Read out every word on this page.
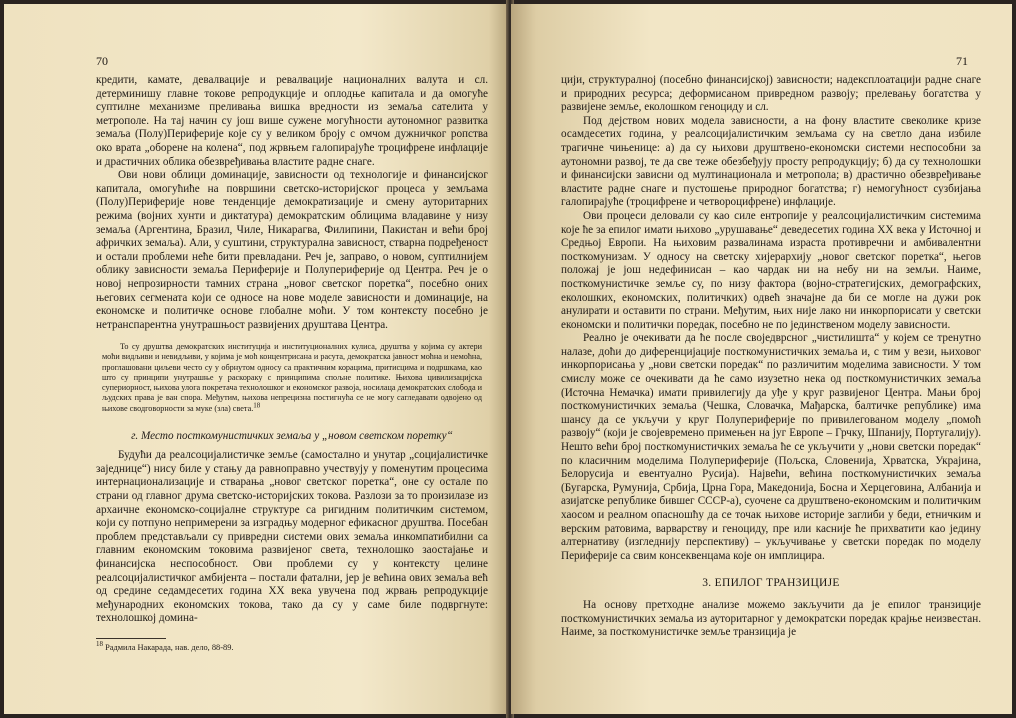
70

кредити, камате, девалвације и ревалвације националних валута и сл. детерминишу главне токове репродукције и оплодње капитала и да омогуће суптилне механизме преливања вишка вредности из земаља сателита у метрополе. На тај начин су још више сужене могућности аутономног развитка земаља (Полу)Периферије које су у великом броју с омчом дужничког ропства око врата „оборене на колена“, под жрвњем галопирајуће троцифрене инфлације и драстичних облика обезвређивања властите радне снаге.

Ови нови облици доминације, зависности од технологије и финансијског капитала, омогућиће на површини светско-историјског процеса у земљама (Полу)Периферије нове тенденције демократизације и смену ауторитарних режима (војних хунти и диктатура) демократским облицима владавине у низу земаља (Аргентина, Бразил, Чиле, Никарагва, Филипини, Пакистан и већи број афричких земаља). Али, у суштини, структурална зависност, стварна подређеност и остали проблеми неће бити превладани. Реч је, заправо, о новом, суптилнијем облику зависности земаља Периферије и Полупериферије од Центра. Реч је о новој непрозирности тамних страна „новог светског поретка“, посебно оних његових сегмената који се односе на нове моделе зависности и доминације, на економске и политичке основе глобалне моћи. У том контексту посебно је нетранспарентна унутрашњост развијених друштава Центра.

То су друштва демократских институција и институционалних кулиса, друштва у којима су актери моћи видљиви и невидљиви, у којима је моћ концентрисана и расута, демократска јавност моћна и немоћна, проглашовани циљеви често су у обрнутом односу са практичним корацима, притисцима и подршкама, као што су принципи унутрашње у раскораку с принципима спољне политике. Њихова цивилизацијска супериорност, њихова улога покретача технолошког и економског развоја, носилаца демократских слобода и људских права је ван спора. Међутим, њихова непрецизна постигнућа се не могу сагледавати одвојено од њихове сводговорности за муке (зла) света.$^{18}$

г. Место посткомунистичких земаља у „новом светском поретку“

Будући да реалсоцијалистичке земље (самостално и унутар „социјалистичке заједнице“) нису биле у стању да равноправно учествују у поменутим процесима интернационализације и стварања „новог светског поретка“, оне су остале по страни од главног друма светско-историјских токова. Разлози за то произилазе из архаичне економско-социјалне структуре са ригидним политичким системом, који су потпуно непримерени за изградњу модерног ефикасног друштва. Посебан проблем представљали су привредни системи ових земаља инкомпатибилни са главним економским токовима развијеног света, технолошко заостајање и финансијска неспособност. Ови проблеми су у контексту целине реалсоцијалистичког амбијента – постали фатални, јер је већина ових земаља већ од средине седамдесетих година XX века увучена под жрвањ репродукције међународних економских токова, тако да су у саме биле подвргнуте: технолошкој домина-

$^{18}$ Радмила Накарада, нав. дело, 88-89.

71

цији, структуралној (посебно финансијској) зависности; надексплоатацији радне снаге и природних ресурса; деформисаном привредном развоју; прелевању богатства у развијене земље, еколошком геноциду и сл.

Под дејством нових модела зависности, а на фону властите свеколике кризе осамдесетих година, у реалсоцијалистичким земљама су на светло дана избиле трагичне чињенице: а) да су њихови друштвено-економски системи неспособни за аутономни развој, те да све теже обезбеђују просту репродукцију; б) да су технолошки и финансијски зависни од мултинационала и метропола; в) драстично обезвређивање властите радне снаге и пустошење природног богатства; г) немогућност сузбијања галопирајуће (троцифрене и четвороцифрене) инфлације.

Ови процеси деловали су као силе ентропије у реалсоцијалистичким системима које ће за епилог имати њихово „урушавање“ деведесетих година XX века у Источној и Средњој Европи. На њиховим развалинама израста противречни и амбивалентни посткомунизам. У односу на светску хијерархију „новог светског поретка“, његов положај је још недефинисан – као чардак ни на небу ни на земљи. Наиме, посткомунистичке земље су, по низу фактора (војно-стратегијских, демографских, еколошких, економских, политичких) одвећ значајне да би се могле на дужи рок анулирати и оставити по страни. Међутим, њих није лако ни инкорпорисати у светски економски и политички поредак, посебно не по јединственом моделу зависности.

Реално је очекивати да ће после своједврсног „чистилишта“ у којем се тренутно налазе, доћи до диференцијације посткомунистичких земаља и, с тим у вези, њиховог инкорпорисања у „нови светски поредак“ по различитим моделима зависности. У том смислу може се очекивати да ће само изузетно нека од посткомунистичких земаља (Источна Немачка) имати привилегију да уђе у круг развијеног Центра. Мањи број посткомунистичких земаља (Чешка, Словачка, Мађарска, балтичке републике) има шансу да се укључи у круг Полупериферије по привилегованом моделу „помоћ развоју“ (који је својевремено примењен на југ Европе – Грчку, Шпанију, Португалију). Нешто већи број посткомунистичких земаља ће се укључити у „нови светски поредак“ по класичним моделима Полупериферије (Пољска, Словенија, Хрватска, Украјина, Белорусија и евентуално Русија). Највећи, већина посткомунистичких земаља (Бугарска, Румунија, Србија, Црна Гора, Македонија, Босна и Херцеговина, Албанија и азијатске републике бившег СССР-а), суочене са друштвено-економским и политичким хаосом и реалном опасношћу да се точак њихове историје заглиби у беди, етничким и верским ратовима, варварству и геноциду, пре или касније ће прихватити као једину алтернативу (изгледнију перспективу) – укључивање у светски поредак по моделу Периферије са свим консеквенцама које он имплицира.

3. ЕПИЛОГ ТРАНЗИЦИЈЕ

На основу претходне анализе можемо закључити да је епилог транзиције посткомунистичких земаља из ауторитарног у демократски поредак крајње неизвестан. Наиме, за посткомунистичке земље транзиција је
